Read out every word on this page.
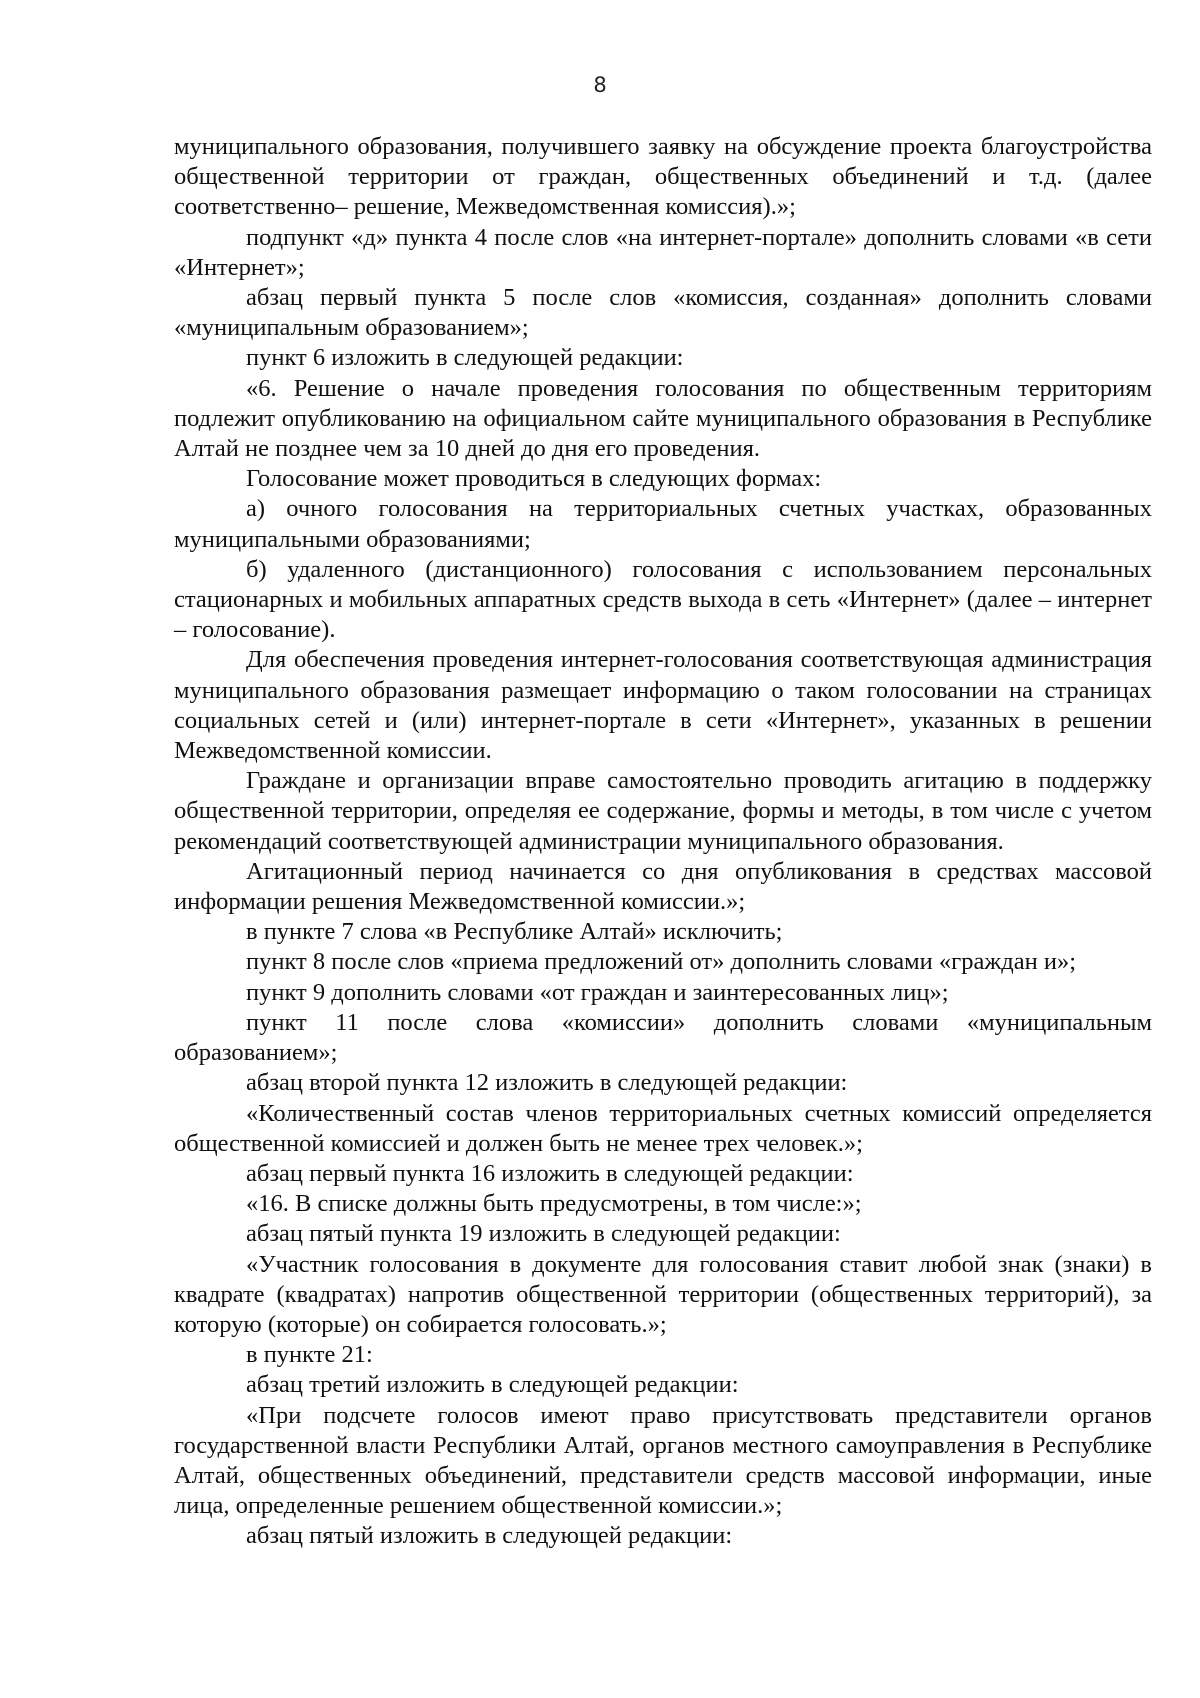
8

муниципального образования, получившего заявку на обсуждение проекта благоустройства общественной территории от граждан, общественных объединений и т.д. (далее соответственно– решение, Межведомственная комиссия).»;

подпункт «д» пункта 4 после слов «на интернет-портале» дополнить словами «в сети «Интернет»;

абзац первый пункта 5 после слов «комиссия, созданная» дополнить словами «муниципальным образованием»;

пункт 6 изложить в следующей редакции:

«6. Решение о начале проведения голосования по общественным территориям подлежит опубликованию на официальном сайте муниципального образования в Республике Алтай не позднее чем за 10 дней до дня его проведения.

Голосование может проводиться в следующих формах:

а) очного голосования на территориальных счетных участках, образованных муниципальными образованиями;

б) удаленного (дистанционного) голосования с использованием персональных стационарных и мобильных аппаратных средств выхода в сеть «Интернет» (далее – интернет – голосование).

Для обеспечения проведения интернет-голосования соответствующая администрация муниципального образования размещает информацию о таком голосовании на страницах социальных сетей и (или) интернет-портале в сети «Интернет», указанных в решении Межведомственной комиссии.

Граждане и организации вправе самостоятельно проводить агитацию в поддержку общественной территории, определяя ее содержание, формы и методы, в том числе с учетом рекомендаций соответствующей администрации муниципального образования.

Агитационный период начинается со дня опубликования в средствах массовой информации решения Межведомственной комиссии.»;

в пункте 7 слова «в Республике Алтай» исключить;

пункт 8 после слов «приема предложений от» дополнить словами «граждан и»;

пункт 9 дополнить словами «от граждан и заинтересованных лиц»;

пункт 11 после слова «комиссии» дополнить словами «муниципальным образованием»;

абзац второй пункта 12 изложить в следующей редакции:

«Количественный состав членов территориальных счетных комиссий определяется общественной комиссией и должен быть не менее трех человек.»;

абзац первый пункта 16 изложить в следующей редакции:

«16. В списке должны быть предусмотрены, в том числе:»;

абзац пятый пункта 19 изложить в следующей редакции:

«Участник голосования в документе для голосования ставит любой знак (знаки) в квадрате (квадратах) напротив общественной территории (общественных территорий), за которую (которые) он собирается голосовать.»;

в пункте 21:

абзац третий изложить в следующей редакции:

«При подсчете голосов имеют право присутствовать представители органов государственной власти Республики Алтай, органов местного самоуправления в Республике Алтай, общественных объединений, представители средств массовой информации, иные лица, определенные решением общественной комиссии.»;

абзац пятый изложить в следующей редакции:
